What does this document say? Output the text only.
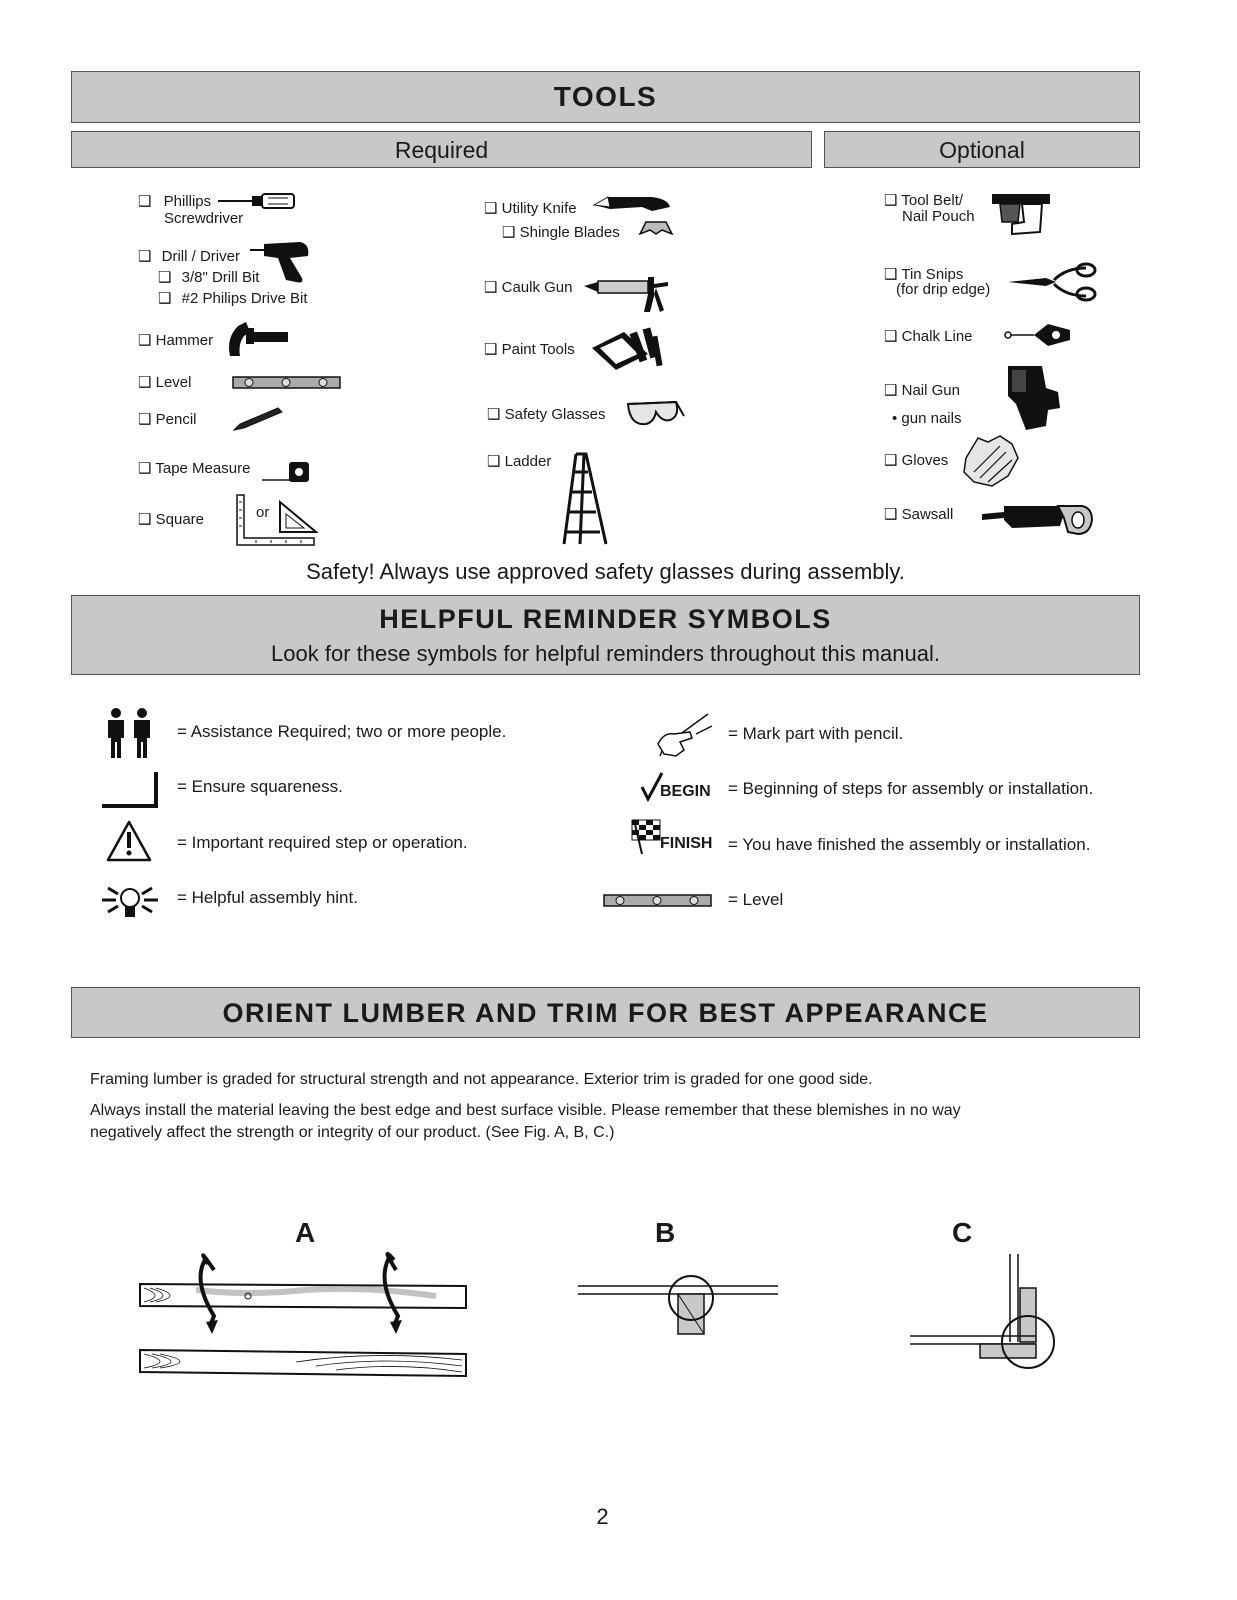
TOOLS
Required	Optional
❑ Phillips
Screwdriver
❑ Drill / Driver
❑ 3/8" Drill Bit
❑ #2 Philips Drive Bit
❑ Hammer
❑ Level
❑ Pencil
❑ Tape Measure
❑ Square	or
❑ Utility Knife
❑ Shingle Blades
❑ Caulk Gun
❑ Paint Tools
❑ Safety Glasses
❑ Ladder
❑ Tool Belt/
Nail Pouch
❑ Tin Snips
(for drip edge)
❑ Chalk Line
❑ Nail Gun
• gun nails
❑ Gloves
❑ Sawsall
Safety! Always use approved safety glasses during assembly.
HELPFUL REMINDER SYMBOLS
Look for these symbols for helpful reminders throughout this manual.
= Assistance Required; two or more people.
= Ensure squareness.
= Important required step or operation.
= Helpful assembly hint.
= Mark part with pencil.
BEGIN = Beginning of steps for assembly or installation.
FINISH = You have finished the assembly or installation.
= Level
ORIENT LUMBER AND TRIM FOR BEST APPEARANCE
Framing lumber is graded for structural strength and not appearance. Exterior trim is graded for one good side.
Always install the material leaving the best edge and best surface visible. Please remember that these blemishes in no way
negatively affect the strength or integrity of our product. (See Fig. A, B, C.)
A	B	C
2
